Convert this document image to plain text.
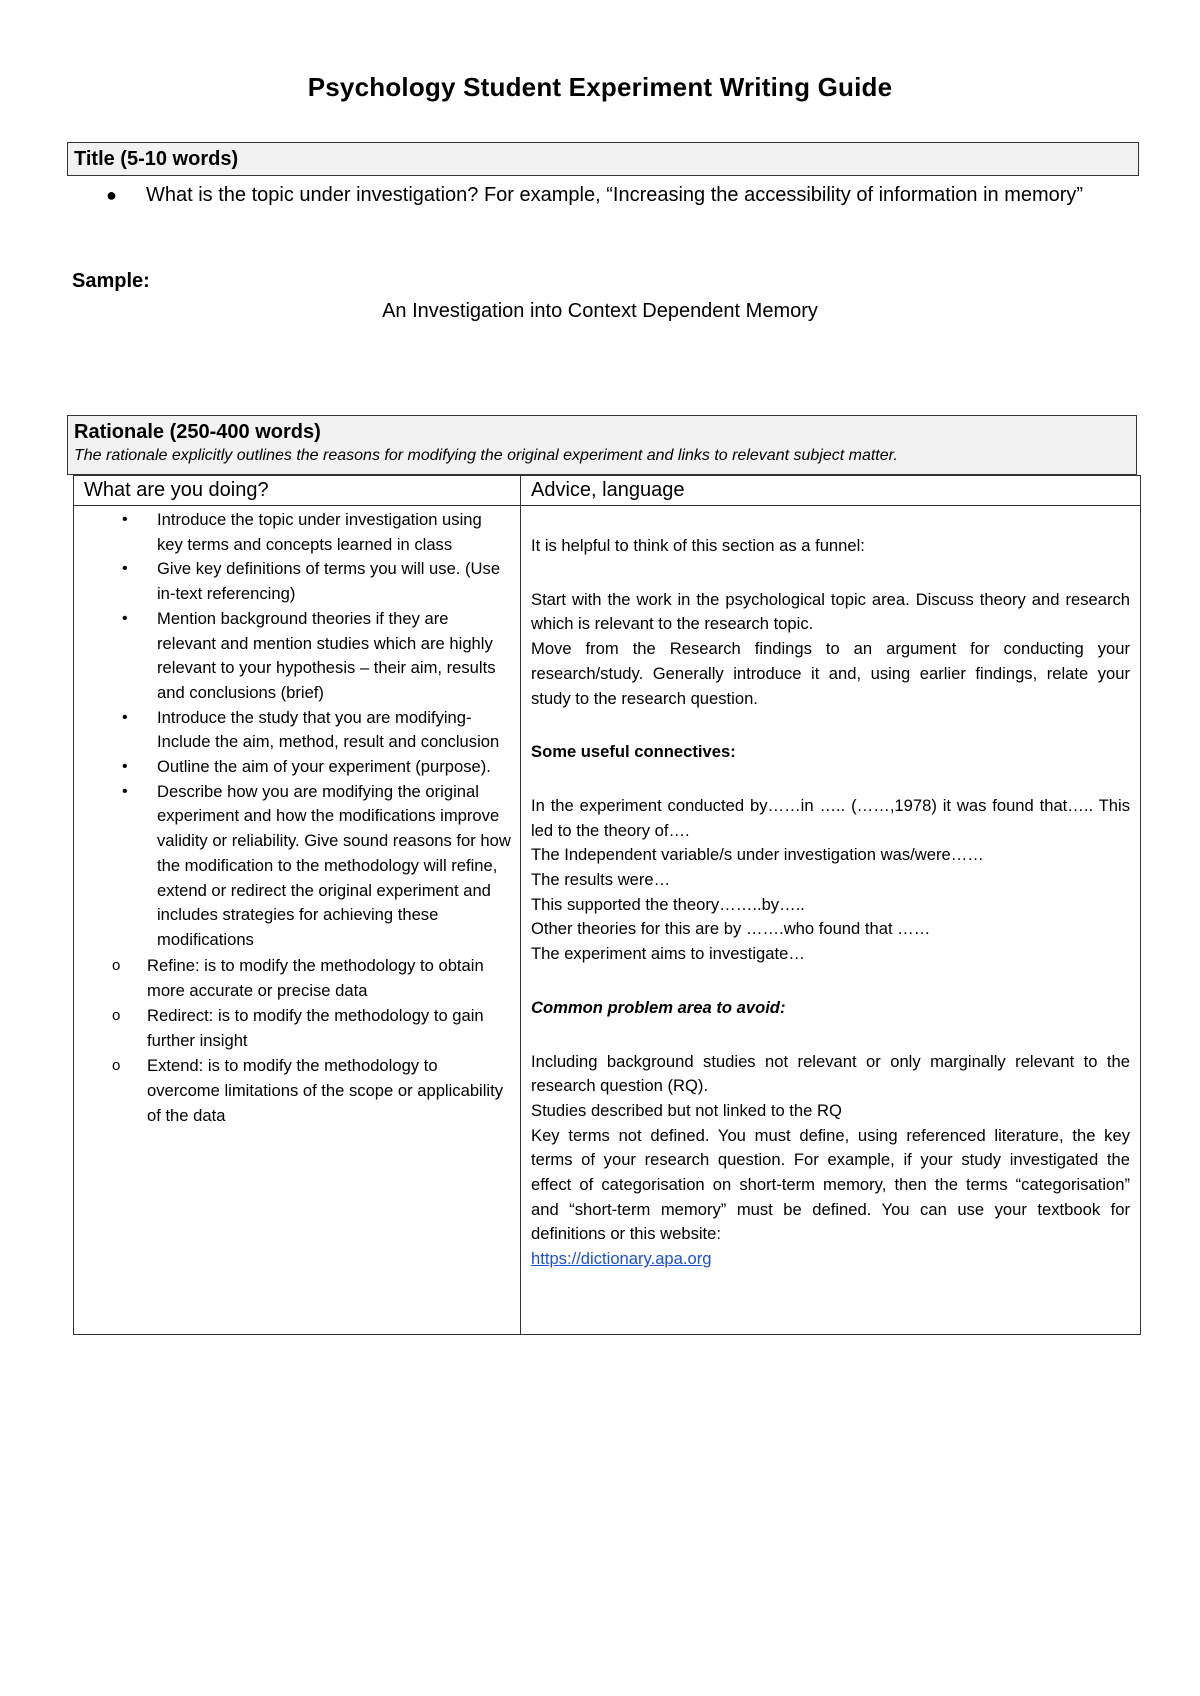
Psychology Student Experiment Writing Guide
Title (5-10 words)
● What is the topic under investigation? For example, “Increasing the accessibility of information in memory”
Sample:
An Investigation into Context Dependent Memory
Rationale (250-400 words)
The rationale explicitly outlines the reasons for modifying the original experiment and links to relevant subject matter.
What are you doing?
• Introduce the topic under investigation using key terms and concepts learned in class
• Give key definitions of terms you will use. (Use in-text referencing)
• Mention background theories if they are relevant and mention studies which are highly relevant to your hypothesis – their aim, results and conclusions (brief)
• Introduce the study that you are modifying- Include the aim, method, result and conclusion
• Outline the aim of your experiment (purpose).
• Describe how you are modifying the original experiment and how the modifications improve validity or reliability. Give sound reasons for how the modification to the methodology will refine, extend or redirect the original experiment and includes strategies for achieving these modifications
o Refine: is to modify the methodology to obtain more accurate or precise data
o Redirect: is to modify the methodology to gain further insight
o Extend: is to modify the methodology to overcome limitations of the scope or applicability of the data
Advice, language

It is helpful to think of this section as a funnel:

Start with the work in the psychological topic area. Discuss theory and research which is relevant to the research topic.

Move from the Research findings to an argument for conducting your research/study. Generally introduce it and, using earlier findings, relate your study to the research question.

Some useful connectives:

In the experiment conducted by……in ….. (……,1978) it was found that….. This led to the theory of….

The Independent variable/s under investigation was/were……

The results were…

This supported the theory……..by…..

Other theories for this are by …….who found that ……

The experiment aims to investigate…

Common problem area to avoid:

Including background studies not relevant or only marginally relevant to the research question (RQ).

Studies described but not linked to the RQ

Key terms not defined. You must define, using referenced literature, the key terms of your research question. For example, if your study investigated the effect of categorisation on short-term memory, then the terms “categorisation” and “short-term memory” must be defined. You can use your textbook for definitions or this website:

https://dictionary.apa.org
